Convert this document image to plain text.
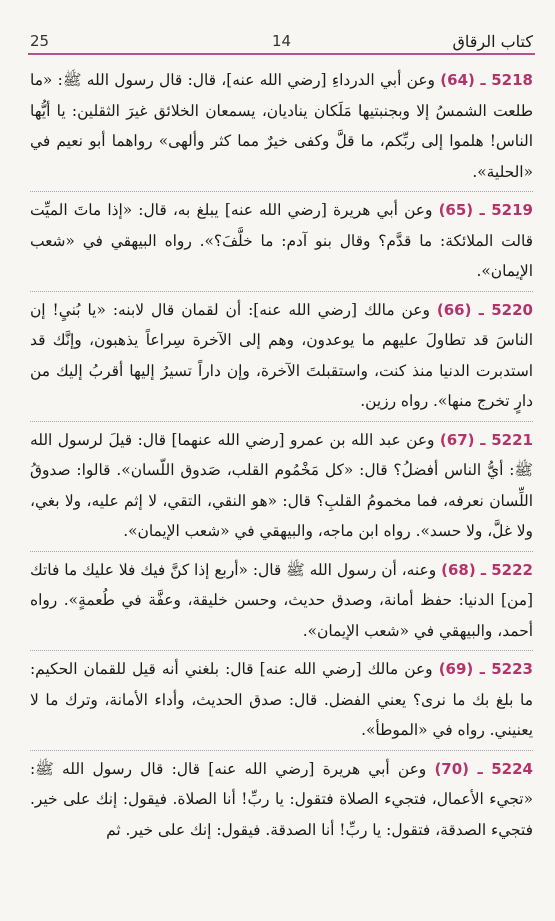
25	14	كتاب الرقاق

5218 ـ (64) وعن أبي الدرداءِ [رضي الله عنه]، قال: قال رسول الله ﷺ: «ما طلعت الشمسُ إلا وبجنبتيها مَلَكان يناديان، يسمعان الخلائق غيرَ الثقلين: يا أيُّها الناس! هلموا إلى ربِّكم، ما قلَّ وكفى خيرٌ مما كثر وألهى» رواهما أبو نعيم في «الحلية».

5219 ـ (65) وعن أبي هريرة [رضي الله عنه] يبلغ به، قال: «إذا ماتَ الميِّت قالت الملائكة: ما قدَّم؟ وقال بنو آدم: ما خلَّفَ؟». رواه البيهقي في «شعب الإيمان».

5220 ـ (66) وعن مالك [رضي الله عنه]: أن لقمان قال لابنه: «يا بُنيِ! إن الناسَ قد تطاولَ عليهم ما يوعدون، وهم إلى الآخرة سِراعاً يذهبون، وإنَّك قد استدبرت الدنيا منذ كنت، واستقبلتَ الآخرة، وإن داراً تسيرُ إليها أقربُ إليك من دارٍ تخرج منها». رواه رزين.

5221 ـ (67) وعن عبد الله بن عمرو [رضي الله عنهما] قال: قيلَ لرسول الله ﷺ: أيُّ الناس أفضلُ؟ قال: «كل مَخْمُوم القلب، صَدوق اللّسان». قالوا: صدوقُ اللِّسان نعرفه، فما مخمومُ القلبِ؟ قال: «هو النقي، التقي، لا إثم عليه، ولا بغي، ولا غلَّ، ولا حسد». رواه ابن ماجه، والبيهقي في «شعب الإيمان».

5222 ـ (68) وعنه، أن رسول الله ﷺ قال: «أربع إذا كنَّ فيك فلا عليك ما فاتك [من] الدنيا: حفظ أمانة، وصدق حديث، وحسن خليقة، وعفَّة في طُعمةٍ». رواه أحمد، والبيهقي في «شعب الإيمان».

5223 ـ (69) وعن مالك [رضي الله عنه] قال: بلغني أنه قيل للقمان الحكيم: ما بلغ بك ما نرى؟ يعني الفضل. قال: صدق الحديث، وأداء الأمانة، وترك ما لا يعنيني. رواه في «الموطأ».

5224 ـ (70) وعن أبي هريرة [رضي الله عنه] قال: قال رسول الله ﷺ: «تجيء الأعمال، فتجيء الصلاة فتقول: يا ربِّ! أنا الصلاة. فيقول: إنك على خير. فتجيء الصدقة، فتقول: يا ربِّ! أنا الصدقة. فيقول: إنك على خير. ثم
